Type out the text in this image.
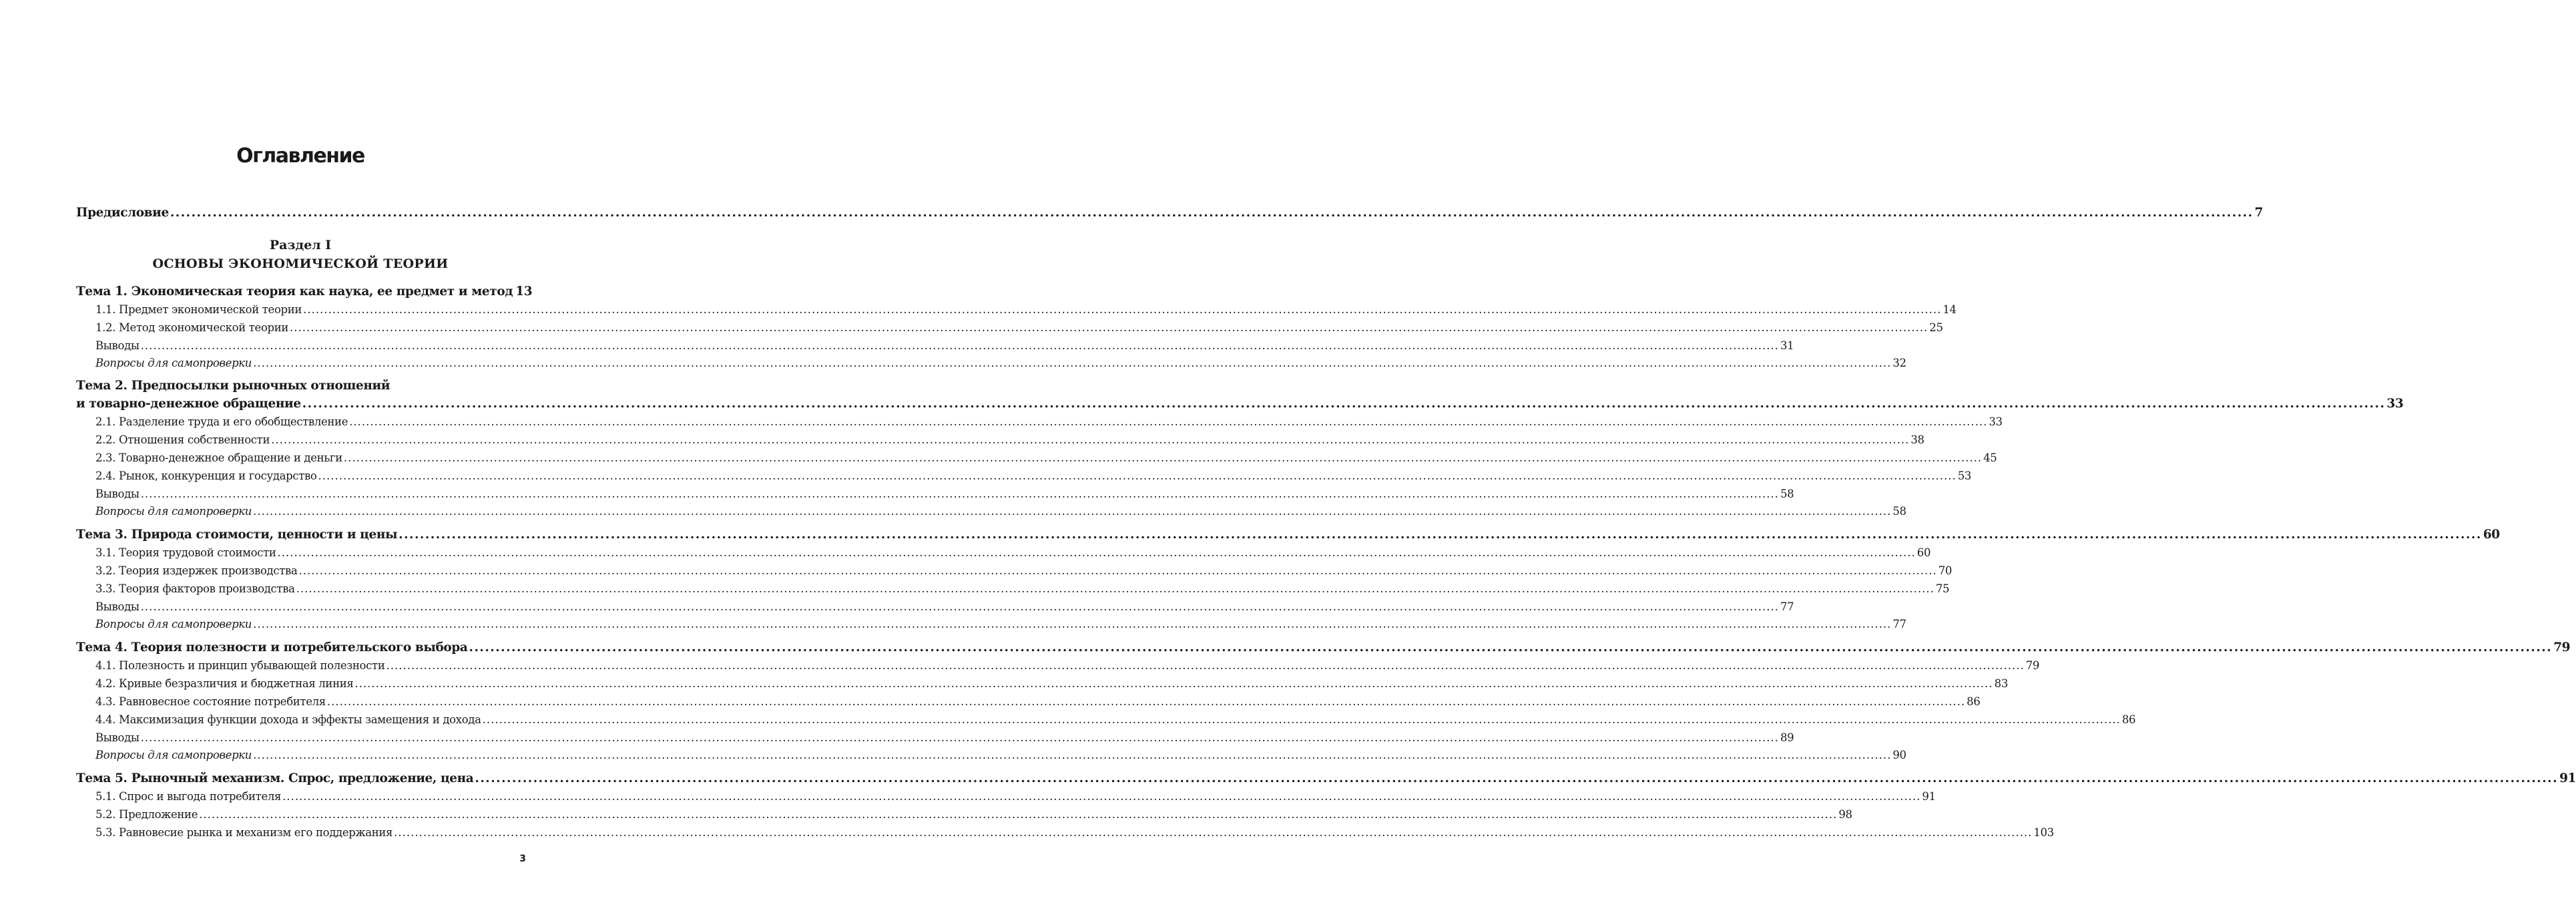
Оглавление
Предисловие .....	7
Раздел I
ОСНОВЫ ЭКОНОМИЧЕСКОЙ ТЕОРИИ
Тема 1. Экономическая теория как наука, ее предмет и метод 13
1.1. Предмет экономической теории .....	14
1.2. Метод экономической теории .....	25
Выводы .....	31
Вопросы для самопроверки .....	32
Тема 2. Предпосылки рыночных отношений
и товарно-денежное обращение .....	33
2.1. Разделение труда и его обобществление .....	33
2.2. Отношения собственности .....	38
2.3. Товарно-денежное обращение и деньги .....	45
2.4. Рынок, конкуренция и государство .....	53
Выводы .....	58
Вопросы для самопроверки .....	58
Тема 3. Природа стоимости, ценности и цены .....	60
3.1. Теория трудовой стоимости .....	60
3.2. Теория издержек производства .....	70
3.3. Теория факторов производства .....	75
Выводы .....	77
Вопросы для самопроверки .....	77
Тема 4. Теория полезности и потребительского выбора .....	79
4.1. Полезность и принцип убывающей полезности .....	79
4.2. Кривые безразличия и бюджетная линия .....	83
4.3. Равновесное состояние потребителя .....	86
4.4. Максимизация функции дохода и эффекты замещения и дохода .....	86
Выводы .....	89
Вопросы для самопроверки .....	90
Тема 5. Рыночный механизм. Спрос, предложение, цена .....	91
5.1. Спрос и выгода потребителя .....	91
5.2. Предложение .....	98
5.3. Равновесие рынка и механизм его поддержания .....	103
3
